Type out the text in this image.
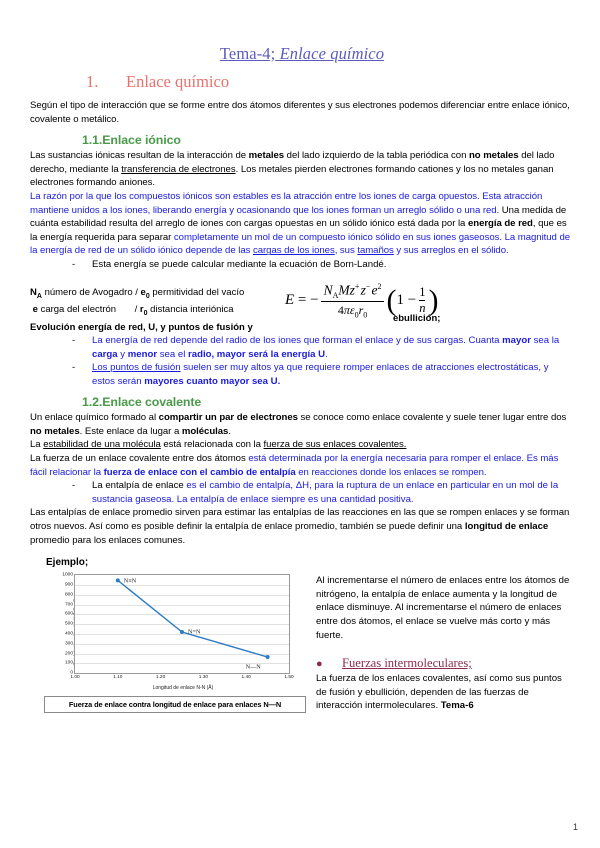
Tema-4; Enlace químico
1.	Enlace químico

Según el tipo de interacción que se forme entre dos átomos diferentes y sus electrones podemos diferenciar entre enlace iónico, covalente o metálico.

1.1.Enlace iónico

Las sustancias iónicas resultan de la interacción de metales del lado izquierdo de la tabla periódica con no metales del lado derecho, mediante la transferencia de electrones. Los metales pierden electrones formando cationes y los no metales ganan electrones formando aniones.

La razón por la que los compuestos iónicos son estables es la atracción entre los iones de carga opuestos. Esta atracción mantiene unidos a los iones, liberando energía y ocasionando que los iones forman un arreglo sólido o una red. Una medida de cuánta estabilidad resulta del arreglo de iones con cargas opuestas en un sólido iónico está dada por la energía de red, que es la energía requerida para separar completamente un mol de un compuesto iónico sólido en sus iones gaseosos. La magnitud de la energía de red de un sólido iónico depende de las cargas de los iones, sus tamaños y sus arreglos en el sólido.

- Esta energía se puede calcular mediante la ecuación de Born-Landé.
$N_A$ número de Avogadro / $e_0$ permitividad del vacío
e carga del electrón / $r_0$ distancia interiónica
Evolución energía de red, U, y puntos de fusión y
E = − $\frac{N_AMz^+ z^- e^2}{4\pi\varepsilon_0r_0}$ ( 1 − 1
n )
ebullición;
- La energía de red depende del radio de los iones que forman el enlace y de sus cargas. Cuanta mayor sea la carga y menor sea el radio, mayor será la energía U.
- Los puntos de fusión suelen ser muy altos ya que requiere romper enlaces de atracciones electrostáticas, y estos serán mayores cuanto mayor sea U.
1.2.Enlace covalente

Un enlace químico formado al compartir un par de electrones se conoce como enlace covalente y suele tener lugar entre dos no metales. Este enlace da lugar a moléculas.

La estabilidad de una molécula está relacionada con la fuerza de sus enlaces covalentes.

La fuerza de un enlace covalente entre dos átomos está determinada por la energía necesaria para romper el enlace. Es más fácil relacionar la fuerza de enlace con el cambio de entalpía en reacciones donde los enlaces se rompen.

- La entalpía de enlace es el cambio de entalpía, ΔH, para la ruptura de un enlace en particular en un mol de la sustancia gaseosa. La entalpía de enlace siempre es una cantidad positiva.

Las entalpías de enlace promedio sirven para estimar las entalpías de las reacciones en las que se rompen enlaces y se forman otros nuevos. Así como es posible definir la entalpía de enlace promedio, también se puede definir una longitud de enlace promedio para los enlaces comunes.

Ejemplo;
0
100
200
300
400
500
600
700
800
900
1000
1.00	1.10	1.20	1.30	1.40	1.50
N≡N
N=N
N—N
Longitud de enlace N-N (Å)
Fuerza de enlace contra longitud de enlace para enlaces N—N

Al incrementarse el número de enlaces entre los átomos de nitrógeno, la entalpía de enlace aumenta y la longitud de enlace disminuye. Al incrementarse el número de enlaces entre dos átomos, el enlace se vuelve más corto y más fuerte.

●	Fuerzas intermoleculares;

La fuerza de los enlaces covalentes, así como sus puntos de fusión y ebullición, dependen de las fuerzas de interacción intermoleculares. Tema-6

1
